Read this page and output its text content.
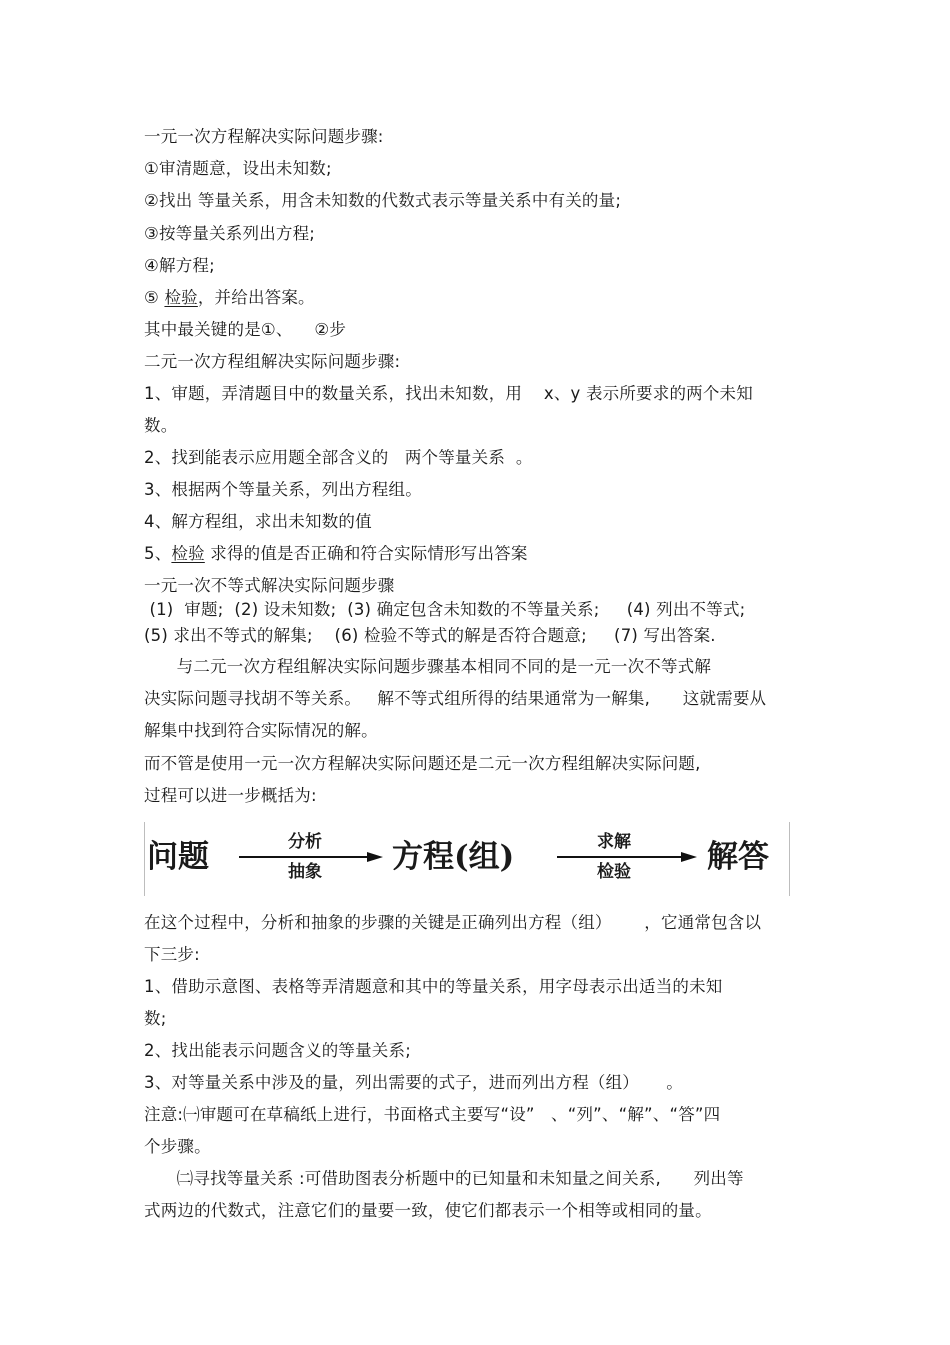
一元一次方程解决实际问题步骤:
①审清题意，设出未知数;
②找出 等量关系，用含未知数的代数式表示等量关系中有关的量;
③按等量关系列出方程;
④解方程;
⑤ 检验，并给出答案。
其中最关键的是①、    ②步
二元一次方程组解决实际问题步骤:
1、审题，弄清题目中的数量关系，找出未知数，用    x、y 表示所要求的两个未知
数。
2、找到能表示应用题全部含义的   两个等量关系  。
3、根据两个等量关系，列出方程组。
4、解方程组，求出未知数的值
5、检验 求得的值是否正确和符合实际情形写出答案
一元一次不等式解决实际问题步骤
(1)  审题;  (2) 设未知数;  (3) 确定包含未知数的不等量关系;     (4) 列出不等式;
(5) 求出不等式的解集;    (6) 检验不等式的解是否符合题意;     (7) 写出答案.
与二元一次方程组解决实际问题步骤基本相同不同的是一元一次不等式解
决实际问题寻找胡不等关系。   解不等式组所得的结果通常为一解集,      这就需要从
解集中找到符合实际情况的解。
而不管是使用一元一次方程解决实际问题还是二元一次方程组解决实际问题,
过程可以进一步概括为:
问题	分析
抽象 方程(组)	求解
检验 解答
在这个过程中，分析和抽象的步骤的关键是正确列出方程（组）      ，它通常包含以
下三步:
1、借助示意图、表格等弄清题意和其中的等量关系，用字母表示出适当的未知
数;
2、找出能表示问题含义的等量关系;
3、对等量关系中涉及的量，列出需要的式子，进而列出方程（组）     。
注意:㈠审题可在草稿纸上进行，书面格式主要写“设”   、“列”、“解”、“答”四
个步骤。
㈡寻找等量关系 :可借助图表分析题中的已知量和未知量之间关系,      列出等
式两边的代数式，注意它们的量要一致，使它们都表示一个相等或相同的量。
